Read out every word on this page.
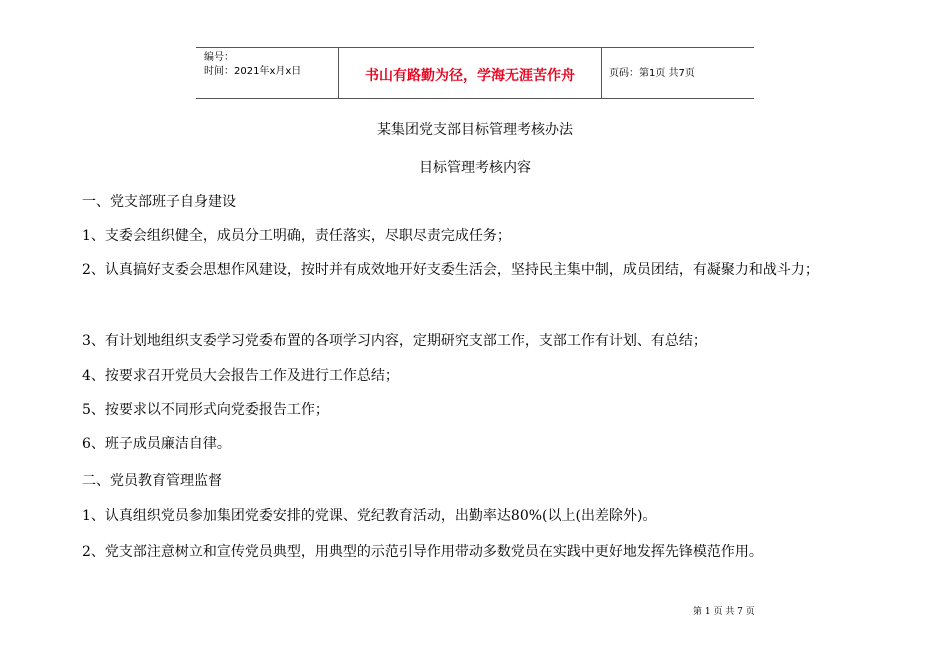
编号：
时间：2021年x月x日	书山有路勤为径，学海无涯苦作舟	页码：第1页 共7页
某集团党支部目标管理考核办法
目标管理考核内容
一、党支部班子自身建设
1、支委会组织健全，成员分工明确，责任落实，尽职尽责完成任务；
2、认真搞好支委会思想作风建设，按时并有成效地开好支委生活会，坚持民主集中制，成员团结，有凝聚力和战斗力；
3、有计划地组织支委学习党委布置的各项学习内容，定期研究支部工作，支部工作有计划、有总结；
4、按要求召开党员大会报告工作及进行工作总结；
5、按要求以不同形式向党委报告工作；
6、班子成员廉洁自律。
二、党员教育管理监督
1、认真组织党员参加集团党委安排的党课、党纪教育活动，出勤率达80%(以上(出差除外)。
2、党支部注意树立和宣传党员典型，用典型的示范引导作用带动多数党员在实践中更好地发挥先锋模范作用。
第 1 页 共 7 页
